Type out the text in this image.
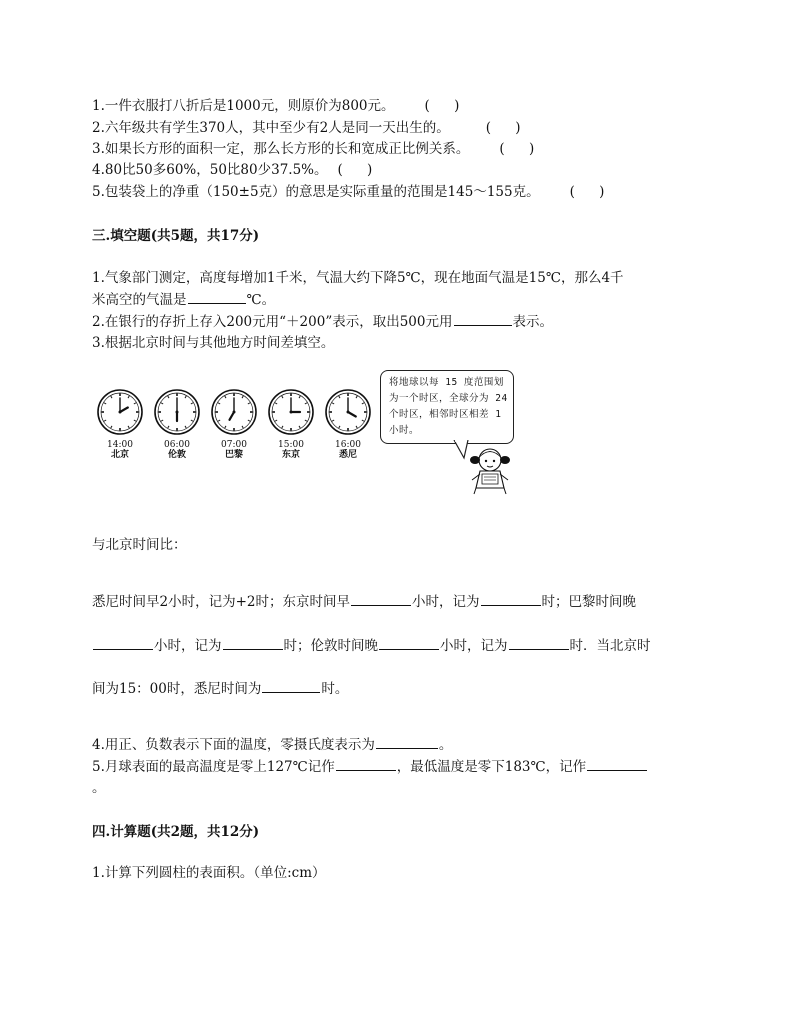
1.一件衣服打八折后是1000元，则原价为800元。 ( )
2.六年级共有学生370人，其中至少有2人是同一天出生的。	( )
3.如果长方形的面积一定，那么长方形的长和宽成正比例关系。 ( )
4.80比50多60%，50比80少37.5%。 ( )
5.包装袋上的净重（150±5克）的意思是实际重量的范围是145～155克。 ( )
三.填空题(共5题，共17分)
1.气象部门测定，高度每增加1千米，气温大约下降5℃，现在地面气温是15℃，那么4千
米高空的气温是	℃。
2.在银行的存折上存入200元用“＋200”表示，取出500元用	表示。
3.根据北京时间与其他地方时间差填空。
14:00
北京
06:00
伦敦
07:00
巴黎
15:00
东京
16:00
悉尼
将地球以每 15 度范围划为一个时区，全球分为 24 个时区，相邻时区相差 1 小时。
与北京时间比：
悉尼时间早2小时，记为+2时；东京时间早	小时，记为	时；巴黎时间晚
小时，记为	时；伦敦时间晚	小时，记为	时．当北京时
间为15：00时，悉尼时间为	时。
4.用正、负数表示下面的温度，零摄氏度表示为	。
5.月球表面的最高温度是零上127℃记作	，最低温度是零下183℃，记作
。
四.计算题(共2题，共12分)
1.计算下列圆柱的表面积。（单位:cm）
